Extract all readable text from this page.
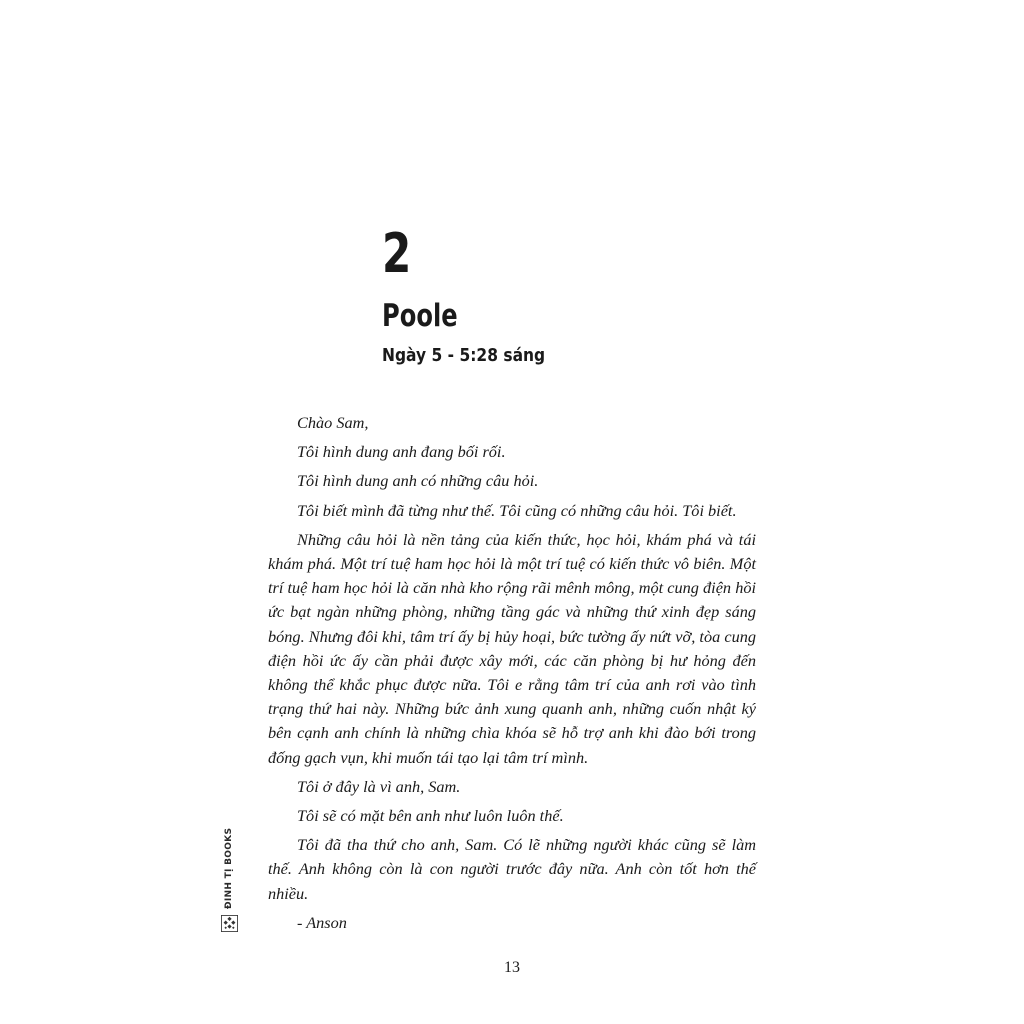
2
Poole
Ngày 5 - 5:28 sáng

Chào Sam,

Tôi hình dung anh đang bối rối.

Tôi hình dung anh có những câu hỏi.

Tôi biết mình đã từng như thế. Tôi cũng có những câu hỏi. Tôi biết.

Những câu hỏi là nền tảng của kiến thức, học hỏi, khám phá và tái khám phá. Một trí tuệ ham học hỏi là một trí tuệ có kiến thức vô biên. Một trí tuệ ham học hỏi là căn nhà kho rộng rãi mênh mông, một cung điện hồi ức bạt ngàn những phòng, những tầng gác và những thứ xinh đẹp sáng bóng. Nhưng đôi khi, tâm trí ấy bị hủy hoại, bức tường ấy nứt vỡ, tòa cung điện hồi ức ấy cần phải được xây mới, các căn phòng bị hư hỏng đến không thể khắc phục được nữa. Tôi e rằng tâm trí của anh rơi vào tình trạng thứ hai này. Những bức ảnh xung quanh anh, những cuốn nhật ký bên cạnh anh chính là những chìa khóa sẽ hỗ trợ anh khi đào bới trong đống gạch vụn, khi muốn tái tạo lại tâm trí mình.

Tôi ở đây là vì anh, Sam.

Tôi sẽ có mặt bên anh như luôn luôn thế.

Tôi đã tha thứ cho anh, Sam. Có lẽ những người khác cũng sẽ làm thế. Anh không còn là con người trước đây nữa. Anh còn tốt hơn thế nhiều.

- Anson

ĐINH TỊ BOOKS
13
